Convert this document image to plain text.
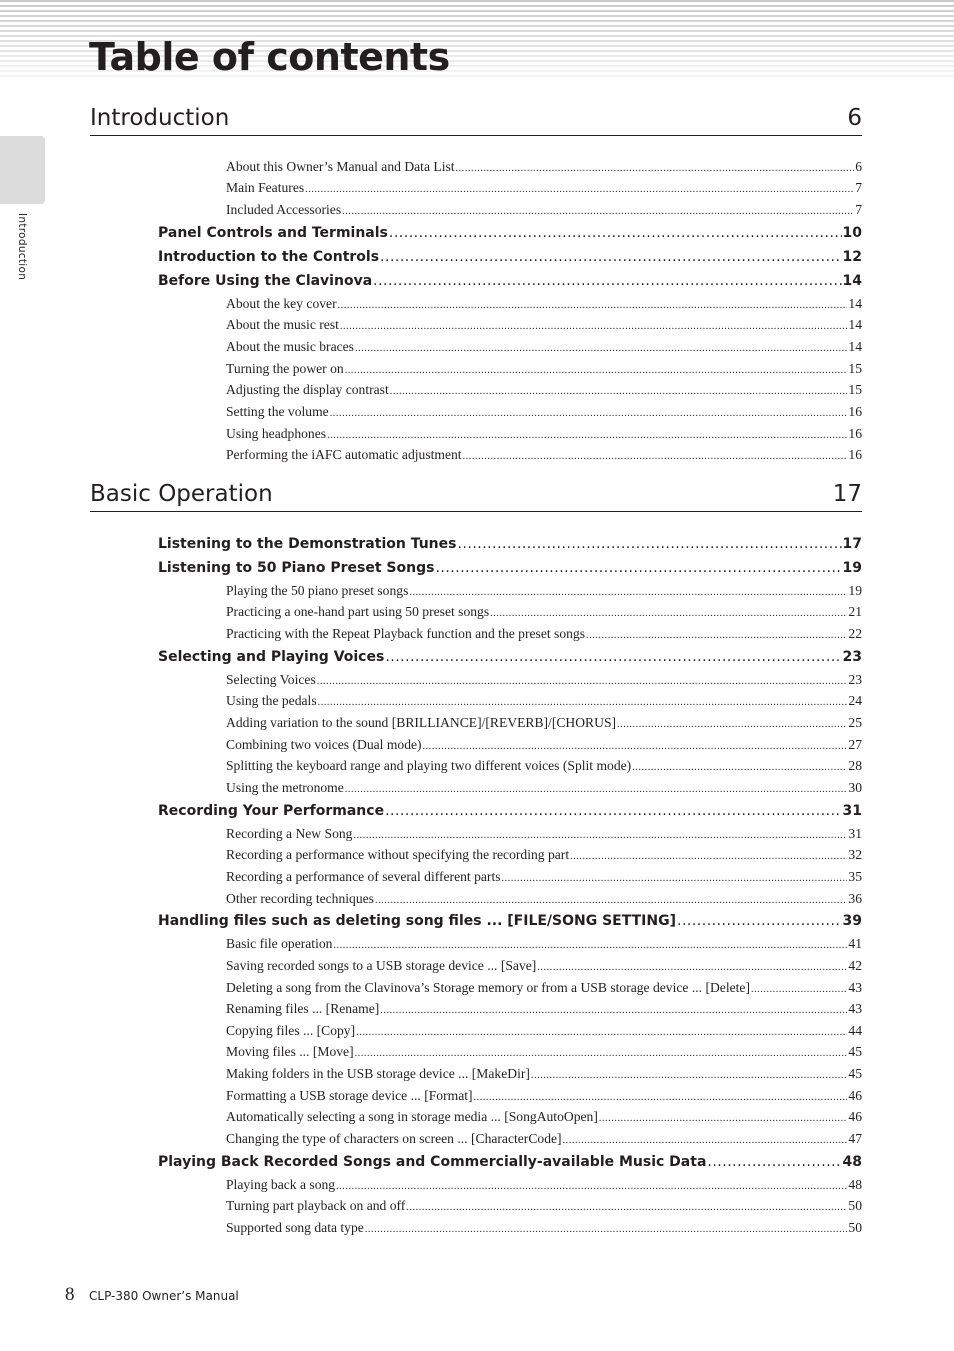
Table of contents
Introduction
Introduction	6
About this Owner’s Manual and Data List .....	6
Main Features .....	7
Included Accessories .....	7
Panel Controls and Terminals .....	10
Introduction to the Controls .....	12
Before Using the Clavinova .....	14
About the key cover .....	14
About the music rest .....	14
About the music braces .....	14
Turning the power on .....	15
Adjusting the display contrast .....	15
Setting the volume .....	16
Using headphones .....	16
Performing the iAFC automatic adjustment .....	16
Basic Operation	17
Listening to the Demonstration Tunes .....	17
Listening to 50 Piano Preset Songs .....	19
Playing the 50 piano preset songs .....	19
Practicing a one-hand part using 50 preset songs .....	21
Practicing with the Repeat Playback function and the preset songs .....	22
Selecting and Playing Voices .....	23
Selecting Voices .....	23
Using the pedals .....	24
Adding variation to the sound [BRILLIANCE]/[REVERB]/[CHORUS] .....	25
Combining two voices (Dual mode) .....	27
Splitting the keyboard range and playing two different voices (Split mode) .....	28
Using the metronome .....	30
Recording Your Performance .....	31
Recording a New Song .....	31
Recording a performance without specifying the recording part .....	32
Recording a performance of several different parts .....	35
Other recording techniques .....	36
Handling files such as deleting song files ... [FILE/SONG SETTING] .....	39
Basic file operation .....	41
Saving recorded songs to a USB storage device ... [Save] .....	42
Deleting a song from the Clavinova’s Storage memory or from a USB storage device ... [Delete] .....	43
Renaming files ... [Rename] .....	43
Copying files ... [Copy] .....	44
Moving files ... [Move] .....	45
Making folders in the USB storage device ... [MakeDir] .....	45
Formatting a USB storage device ... [Format] .....	46
Automatically selecting a song in storage media ... [SongAutoOpen] .....	46
Changing the type of characters on screen ... [CharacterCode] .....	47
Playing Back Recorded Songs and Commercially-available Music Data .....	48
Playing back a song .....	48
Turning part playback on and off .....	50
Supported song data type .....	50
8 CLP-380 Owner’s Manual
